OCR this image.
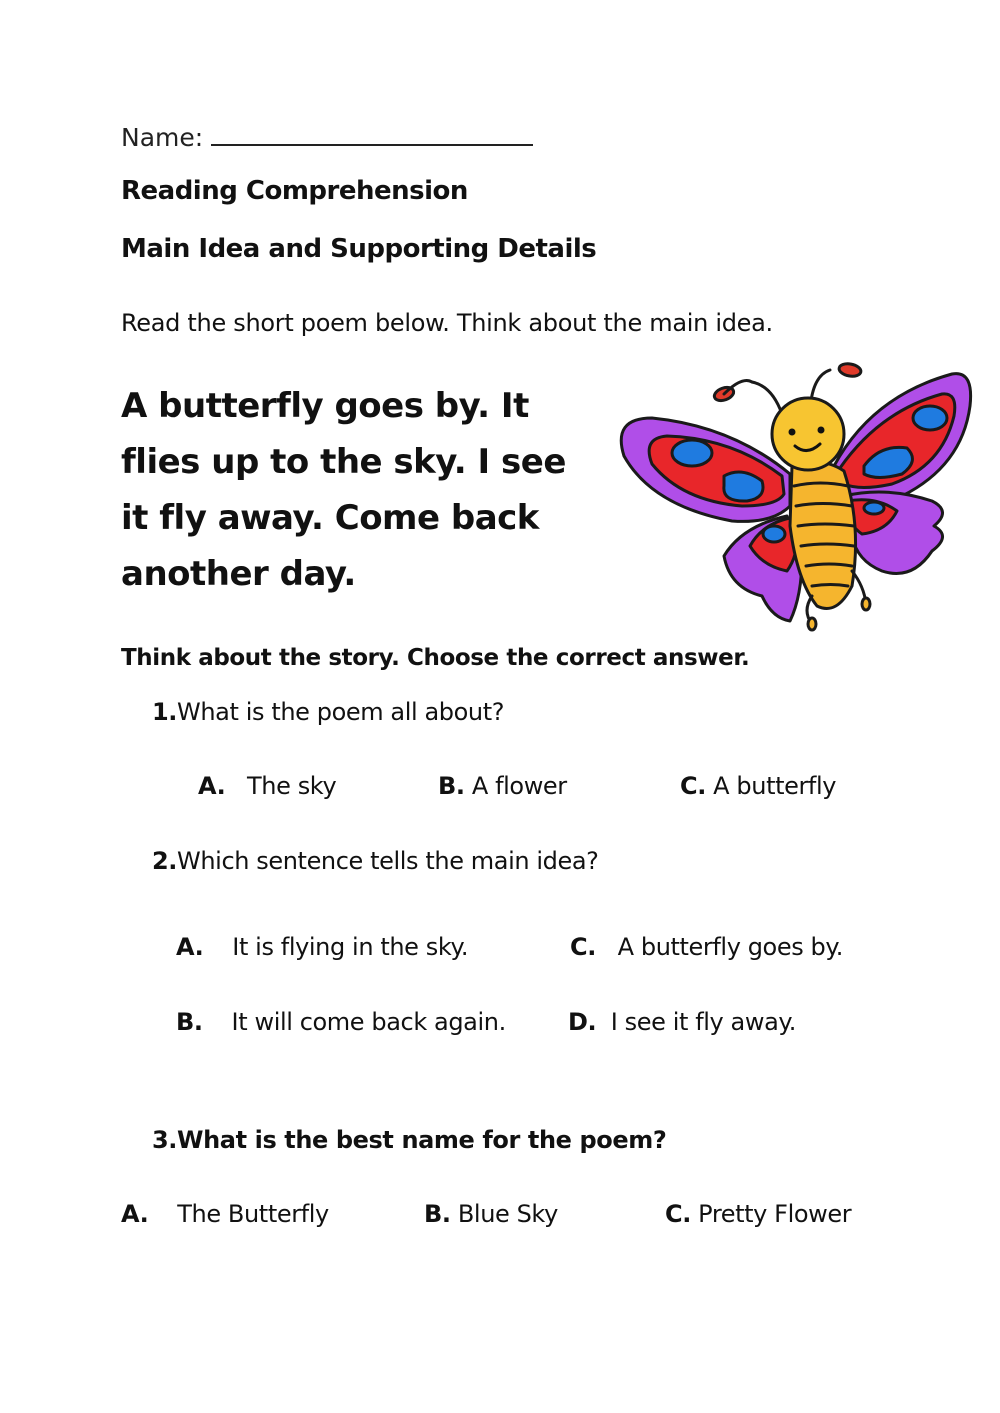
Name:
Reading Comprehension
Main Idea and Supporting Details
Read the short poem below. Think about the main idea.
A butterfly goes by. It flies up to the sky. I see it fly away. Come back another day.
Think about the story. Choose the correct answer.
1.What is the poem all about?
A. The sky	B. A flower	C. A butterfly
2.Which sentence tells the main idea?
A. It is flying in the sky.	C. A butterfly goes by.
B. It will come back again.	D. I see it fly away.
3.What is the best name for the poem?
A. The Butterfly	B. Blue Sky	C. Pretty Flower
